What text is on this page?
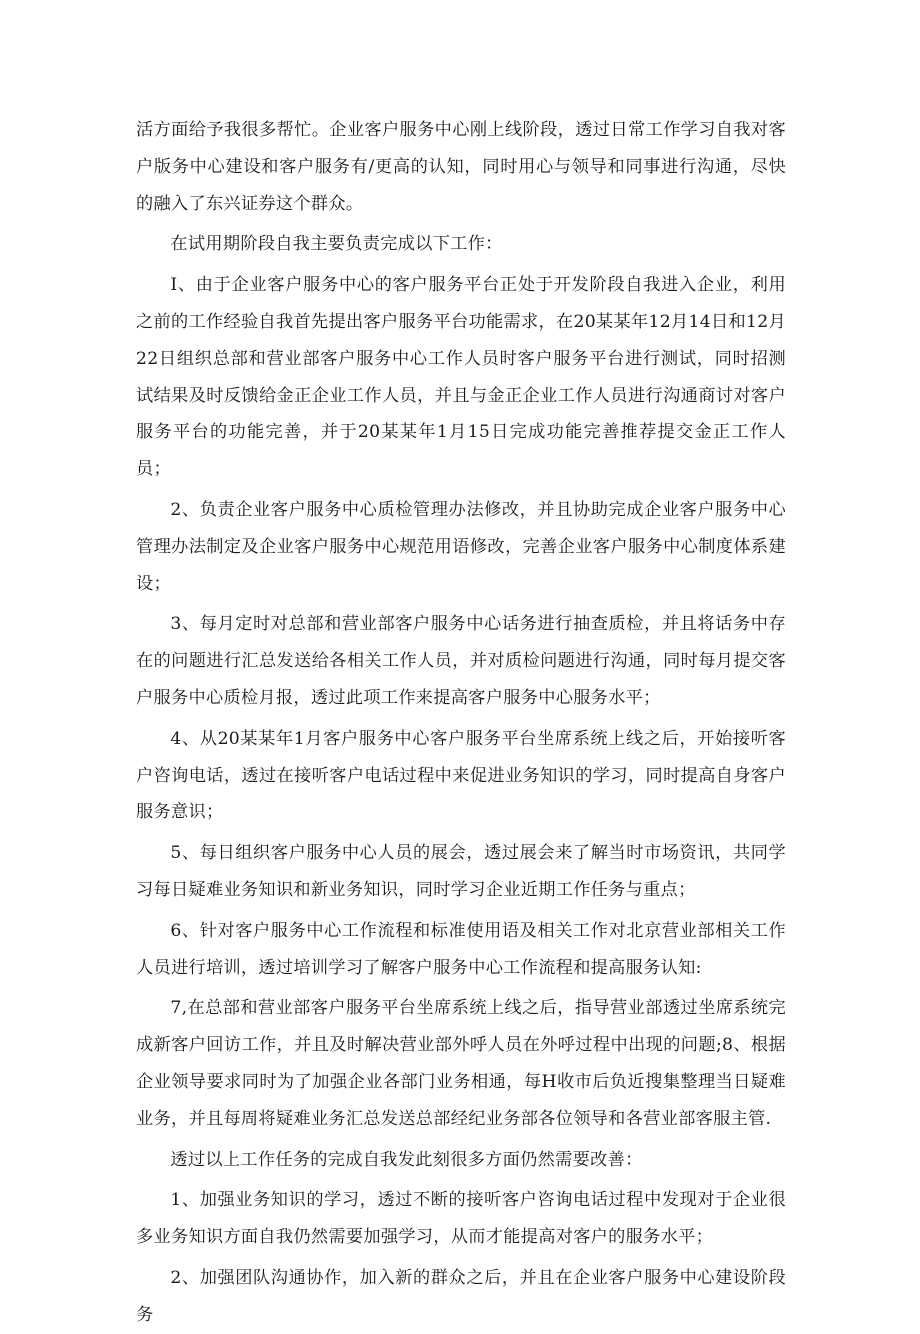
活方面给予我很多帮忙。企业客户服务中心刚上线阶段，透过日常工作学习自我对客户版务中心建设和客户服务有/更高的认知，同时用心与领导和同事进行沟通，尽快的融入了东兴证券这个群众。

在试用期阶段自我主要负责完成以下工作：

I、由于企业客户服务中心的客户服务平台正处于开发阶段自我进入企业，利用之前的工作经验自我首先提出客户服务平台功能需求，在20某某年12月14日和12月22日组织总部和营业部客户服务中心工作人员时客户服务平台进行测试，同时招测试结果及时反馈给金正企业工作人员，并且与金正企业工作人员进行沟通商讨对客户服务平台的功能完善，并于20某某年1月15日完成功能完善推荐提交金正工作人员；

2、负责企业客户服务中心质检管理办法修改，并且协助完成企业客户服务中心管理办法制定及企业客户服务中心规范用语修改，完善企业客户服务中心制度体系建设；

3、每月定时对总部和营业部客户服务中心话务进行抽查质检，并且将话务中存在的问题进行汇总发送给各相关工作人员，并对质检问题进行沟通，同时每月提交客户服务中心质检月报，透过此项工作来提高客户服务中心服务水平；

4、从20某某年1月客户服务中心客户服务平台坐席系统上线之后，开始接听客户咨询电话，透过在接听客户电话过程中来促进业务知识的学习，同时提高自身客户服务意识；

5、每日组织客户服务中心人员的展会，透过展会来了解当时市场资讯，共同学习每日疑难业务知识和新业务知识，同时学习企业近期工作任务与重点；

6、针对客户服务中心工作流程和标准使用语及相关工作对北京营业部相关工作人员进行培训，透过培训学习了解客户服务中心工作流程和提高服务认知:

7,在总部和营业部客户服务平台坐席系统上线之后，指导营业部透过坐席系统完成新客户回访工作，并且及时解决营业部外呼人员在外呼过程中出现的问题;8、根据企业领导要求同时为了加强企业各部门业务相通，每H收市后负近搜集整理当日疑难业务，并且每周将疑难业务汇总发送总部经纪业务部各位领导和各营业部客服主管.

透过以上工作任务的完成自我发此刻很多方面仍然需要改善：

1、加强业务知识的学习，透过不断的接听客户咨询电话过程中发现对于企业很多业务知识方面自我仍然需要加强学习，从而才能提高对客户的服务水平；

2、加强团队沟通协作，加入新的群众之后，并且在企业客户服务中心建设阶段务
